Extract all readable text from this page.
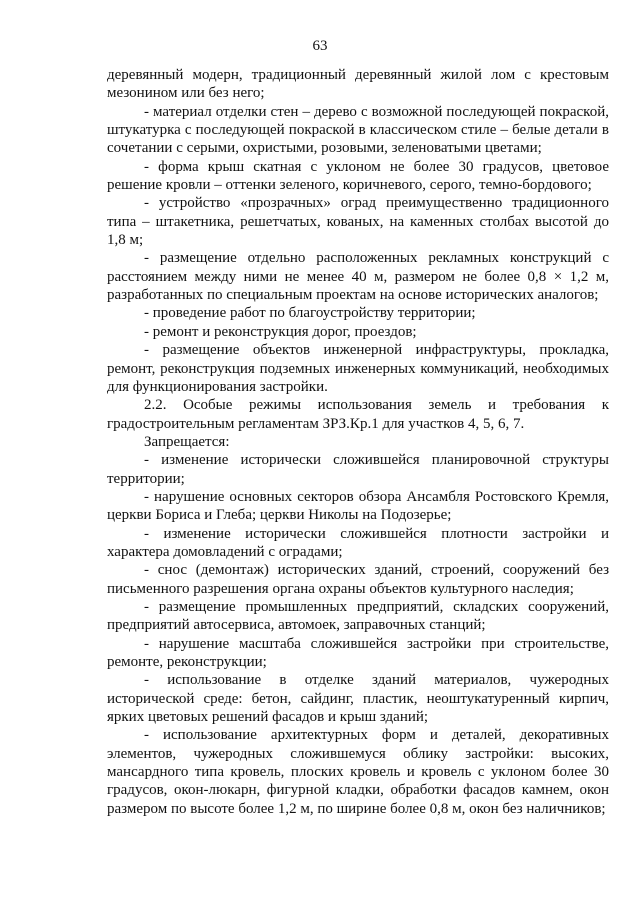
63

деревянный модерн, традиционный деревянный жилой лом с крестовым мезонином или без него;

- материал отделки стен – дерево с возможной последующей покраской, штукатурка с последующей покраской в классическом стиле – белые детали в сочетании с серыми, охристыми, розовыми, зеленоватыми цветами;

- форма крыш скатная с уклоном не более 30 градусов, цветовое решение кровли – оттенки зеленого, коричневого, серого, темно-бордового;

- устройство «прозрачных» оград преимущественно традиционного типа – штакетника, решетчатых, кованых, на каменных столбах высотой до 1,8 м;

- размещение отдельно расположенных рекламных конструкций с расстоянием между ними не менее 40 м, размером не более 0,8 × 1,2 м, разработанных по специальным проектам на основе исторических аналогов;

- проведение работ по благоустройству территории;

- ремонт и реконструкция дорог, проездов;

- размещение объектов инженерной инфраструктуры, прокладка, ремонт, реконструкция подземных инженерных коммуникаций, необходимых для функционирования застройки.

2.2. Особые режимы использования земель и требования к градостроительным регламентам ЗРЗ.Кр.1 для участков 4, 5, 6, 7.

Запрещается:

- изменение исторически сложившейся планировочной структуры территории;

- нарушение основных секторов обзора Ансамбля Ростовского Кремля, церкви Бориса и Глеба; церкви Николы на Подозерье;

- изменение исторически сложившейся плотности застройки и характера домовладений с оградами;

- снос (демонтаж) исторических зданий, строений, сооружений без письменного разрешения органа охраны объектов культурного наследия;

- размещение промышленных предприятий, складских сооружений, предприятий автосервиса, автомоек, заправочных станций;

- нарушение масштаба сложившейся застройки при строительстве, ремонте, реконструкции;

- использование в отделке зданий материалов, чужеродных исторической среде: бетон, сайдинг, пластик, неоштукатуренный кирпич, ярких цветовых решений фасадов и крыш зданий;

- использование архитектурных форм и деталей, декоративных элементов, чужеродных сложившемуся облику застройки: высоких, мансардного типа кровель, плоских кровель и кровель с уклоном более 30 градусов, окон-люкарн, фигурной кладки, обработки фасадов камнем, окон размером по высоте более 1,2 м, по ширине более 0,8 м, окон без наличников;
